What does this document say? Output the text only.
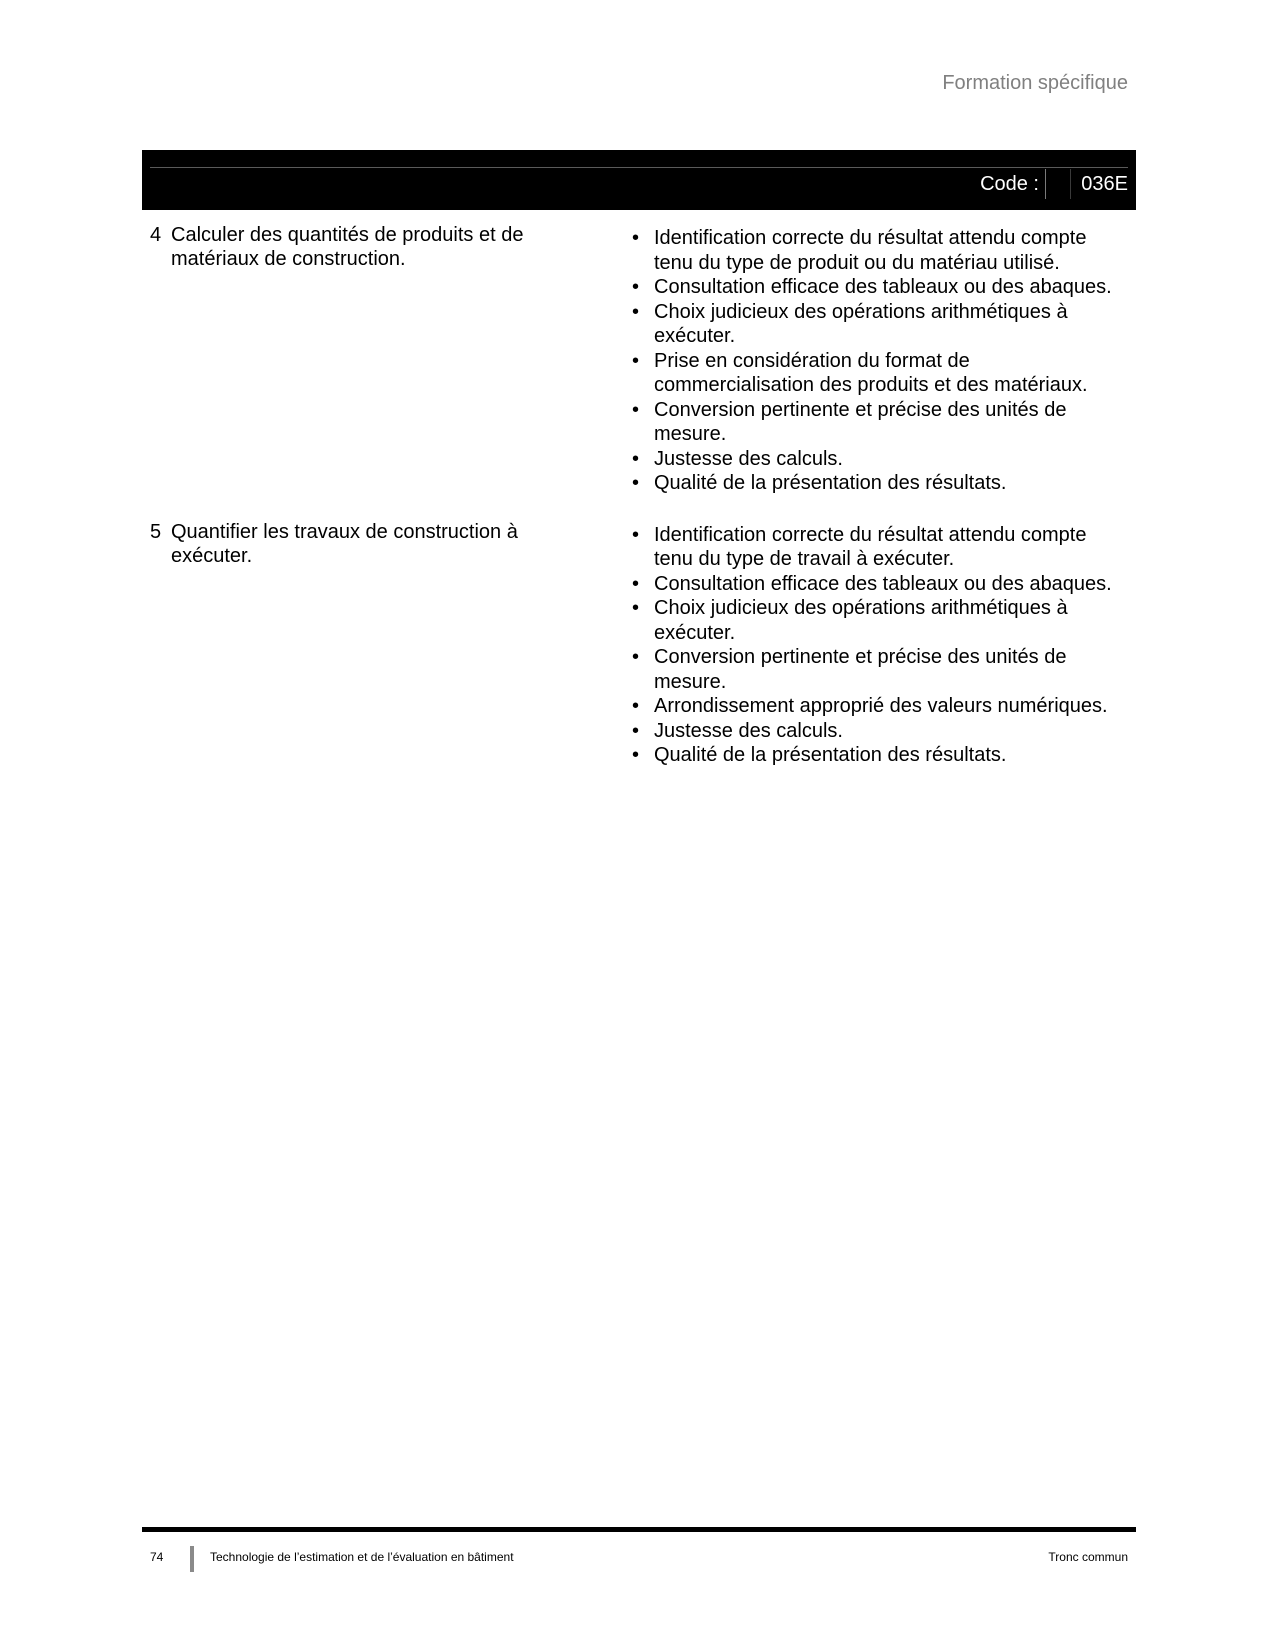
Formation spécifique
Code :	036E
4 Calculer des quantités de produits et de matériaux de construction.
• Identification correcte du résultat attendu compte tenu du type de produit ou du matériau utilisé.
• Consultation efficace des tableaux ou des abaques.
• Choix judicieux des opérations arithmétiques à exécuter.
• Prise en considération du format de commercialisation des produits et des matériaux.
• Conversion pertinente et précise des unités de mesure.
• Justesse des calculs.
• Qualité de la présentation des résultats.
5 Quantifier les travaux de construction à exécuter.
• Identification correcte du résultat attendu compte tenu du type de travail à exécuter.
• Consultation efficace des tableaux ou des abaques.
• Choix judicieux des opérations arithmétiques à exécuter.
• Conversion pertinente et précise des unités de mesure.
• Arrondissement approprié des valeurs numériques.
• Justesse des calculs.
• Qualité de la présentation des résultats.
74	Technologie de l’estimation et de l’évaluation en bâtiment	Tronc commun
